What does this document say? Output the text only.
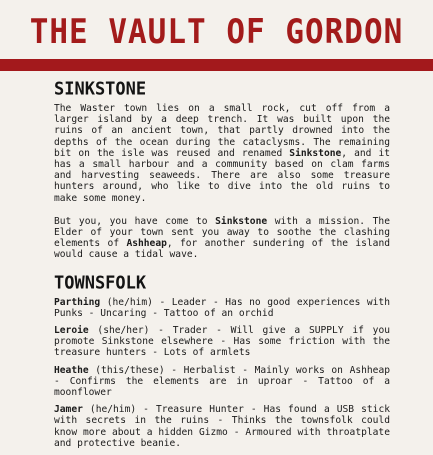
THE VAULT OF GORDON
SINKSTONE

The Waster town lies on a small rock, cut off from a larger island by a deep trench. It was built upon the ruins of an ancient town, that partly drowned into the depths of the ocean during the cataclysms. The remaining bit on the isle was reused and renamed Sinkstone, and it has a small harbour and a community based on clam farms and harvesting seaweeds. There are also some treasure hunters around, who like to dive into the old ruins to make some money.

But you, you have come to Sinkstone with a mission. The Elder of your town sent you away to soothe the clashing elements of Ashheap, for another sundering of the island would cause a tidal wave.

TOWNSFOLK

Parthing (he/him) - Leader - Has no good experiences with Punks - Uncaring - Tattoo of an orchid

Leroie (she/her) - Trader - Will give a SUPPLY if you promote Sinkstone elsewhere - Has some friction with the treasure hunters - Lots of armlets

Heathe (this/these) - Herbalist - Mainly works on Ashheap - Confirms the elements are in uproar - Tattoo of a moonflower

Jamer (he/him) - Treasure Hunter - Has found a USB stick with secrets in the ruins - Thinks the townsfolk could know more about a hidden Gizmo - Armoured with throatplate and protective beanie.
